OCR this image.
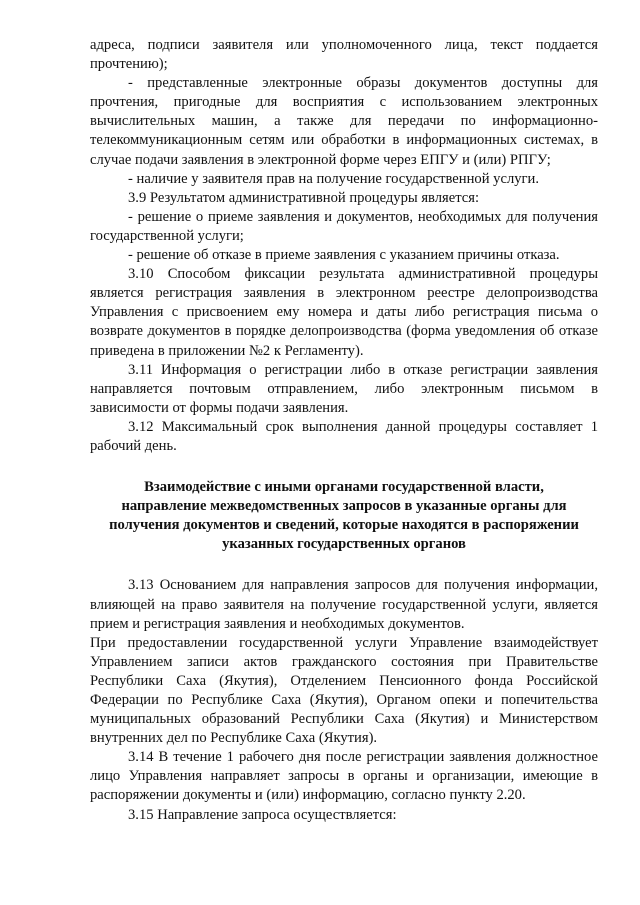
адреса, подписи заявителя или уполномоченного лица, текст поддается прочтению);

- представленные электронные образы документов доступны для прочтения, пригодные для восприятия с использованием электронных вычислительных машин, а также для передачи по информационно-телекоммуникационным сетям или обработки в информационных системах, в случае подачи заявления в электронной форме через ЕПГУ и (или) РПГУ;

- наличие у заявителя прав на получение государственной услуги.

3.9 Результатом административной процедуры является:

- решение о приеме заявления и документов, необходимых для получения государственной услуги;

- решение об отказе в приеме заявления с указанием причины отказа.

3.10 Способом фиксации результата административной процедуры является регистрация заявления в электронном реестре делопроизводства Управления с присвоением ему номера и даты либо регистрация письма о возврате документов в порядке делопроизводства (форма уведомления об отказе приведена в приложении №2 к Регламенту).

3.11 Информация о регистрации либо в отказе регистрации заявления направляется почтовым отправлением, либо электронным письмом в зависимости от формы подачи заявления.

3.12 Максимальный срок выполнения данной процедуры составляет 1 рабочий день.

Взаимодействие с иными органами государственной власти,
направление межведомственных запросов в указанные органы для
получения документов и сведений, которые находятся в распоряжении
указанных государственных органов

3.13 Основанием для направления запросов для получения информации, влияющей на право заявителя на получение государственной услуги, является прием и регистрация заявления и необходимых документов.

При предоставлении государственной услуги Управление взаимодействует Управлением записи актов гражданского состояния при Правительстве Республики Саха (Якутия), Отделением Пенсионного фонда Российской Федерации по Республике Саха (Якутия), Органом опеки и попечительства муниципальных образований Республики Саха (Якутия) и Министерством внутренних дел по Республике Саха (Якутия).

3.14 В течение 1 рабочего дня после регистрации заявления должностное лицо Управления направляет запросы в органы и организации, имеющие в распоряжении документы и (или) информацию, согласно пункту 2.20.

3.15 Направление запроса осуществляется:
